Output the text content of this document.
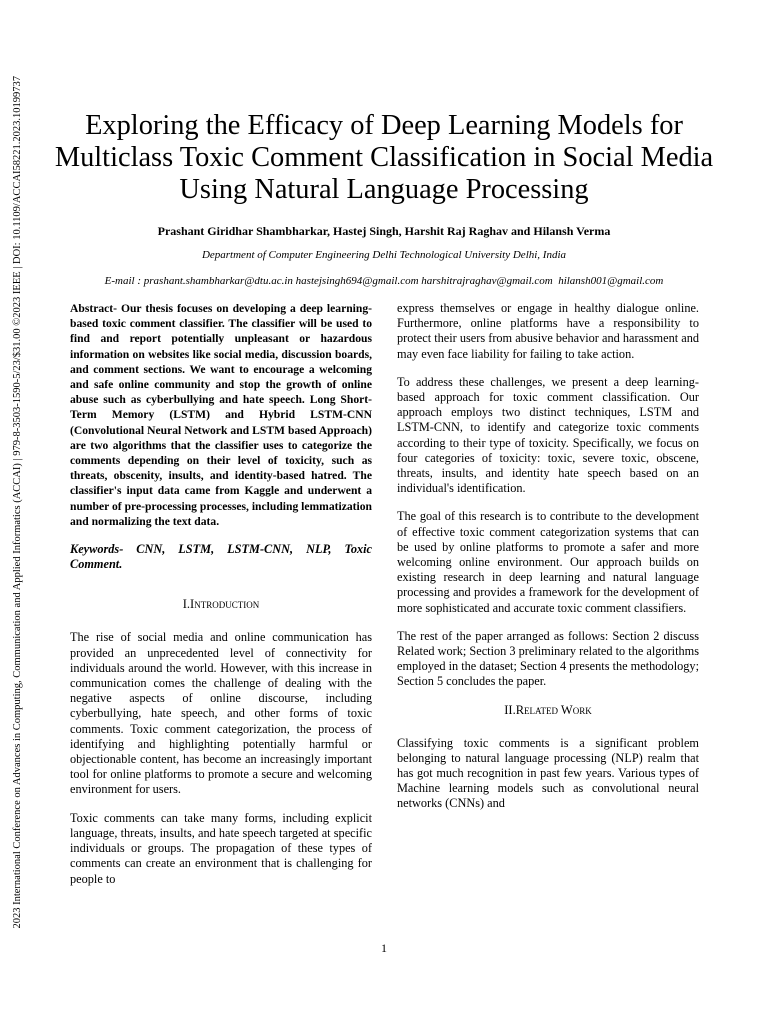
2023 International Conference on Advances in Computing, Communication and Applied Informatics (ACCAI) | 979-8-3503-1590-5/23/$31.00 ©2023 IEEE | DOI: 10.1109/ACCAI58221.2023.10199737	Exploring the Efficacy of Deep Learning Models for Multiclass Toxic Comment Classification in Social Media Using Natural Language Processing
Prashant Giridhar Shambharkar, Hastej Singh, Harshit Raj Raghav and Hilansh Verma
Department of Computer Engineering Delhi Technological University Delhi, India
E-mail : prashant.shambharkar@dtu.ac.in hastejsingh694@gmail.com harshitrajraghav@gmail.com  hilansh001@gmail.com

Abstract- Our thesis focuses on developing a deep learning-based toxic comment classifier. The classifier will be used to find and report potentially unpleasant or hazardous information on websites like social media, discussion boards, and comment sections. We want to encourage a welcoming and safe online community and stop the growth of online abuse such as cyberbullying and hate speech. Long Short-Term Memory (LSTM) and Hybrid LSTM-CNN (Convolutional Neural Network and LSTM based Approach) are two algorithms that the classifier uses to categorize the comments depending on their level of toxicity, such as threats, obscenity, insults, and identity-based hatred. The classifier's input data came from Kaggle and underwent a number of pre-processing processes, including lemmatization and normalizing the text data.

Keywords- CNN, LSTM, LSTM-CNN, NLP, Toxic Comment.

I.Introduction

The rise of social media and online communication has provided an unprecedented level of connectivity for individuals around the world. However, with this increase in communication comes the challenge of dealing with the negative aspects of online discourse, including cyberbullying, hate speech, and other forms of toxic comments. Toxic comment categorization, the process of identifying and highlighting potentially harmful or objectionable content, has become an increasingly important tool for online platforms to promote a secure and welcoming environment for users.

Toxic comments can take many forms, including explicit language, threats, insults, and hate speech targeted at specific individuals or groups. The propagation of these types of comments can create an environment that is challenging for people to

express themselves or engage in healthy dialogue online. Furthermore, online platforms have a responsibility to protect their users from abusive behavior and harassment and may even face liability for failing to take action.

To address these challenges, we present a deep learning-based approach for toxic comment classification. Our approach employs two distinct techniques, LSTM and LSTM-CNN, to identify and categorize toxic comments according to their type of toxicity. Specifically, we focus on four categories of toxicity: toxic, severe toxic, obscene, threats, insults, and identity hate speech based on an individual's identification.

The goal of this research is to contribute to the development of effective toxic comment categorization systems that can be used by online platforms to promote a safer and more welcoming online environment. Our approach builds on existing research in deep learning and natural language processing and provides a framework for the development of more sophisticated and accurate toxic comment classifiers.

The rest of the paper arranged as follows: Section 2 discuss Related work; Section 3 preliminary related to the algorithms employed in the dataset; Section 4 presents the methodology; Section 5 concludes the paper.

II.Related Work

Classifying toxic comments is a significant problem belonging to natural language processing (NLP) realm that has got much recognition in past few years. Various types of Machine learning models such as convolutional neural networks (CNNs) and

1
